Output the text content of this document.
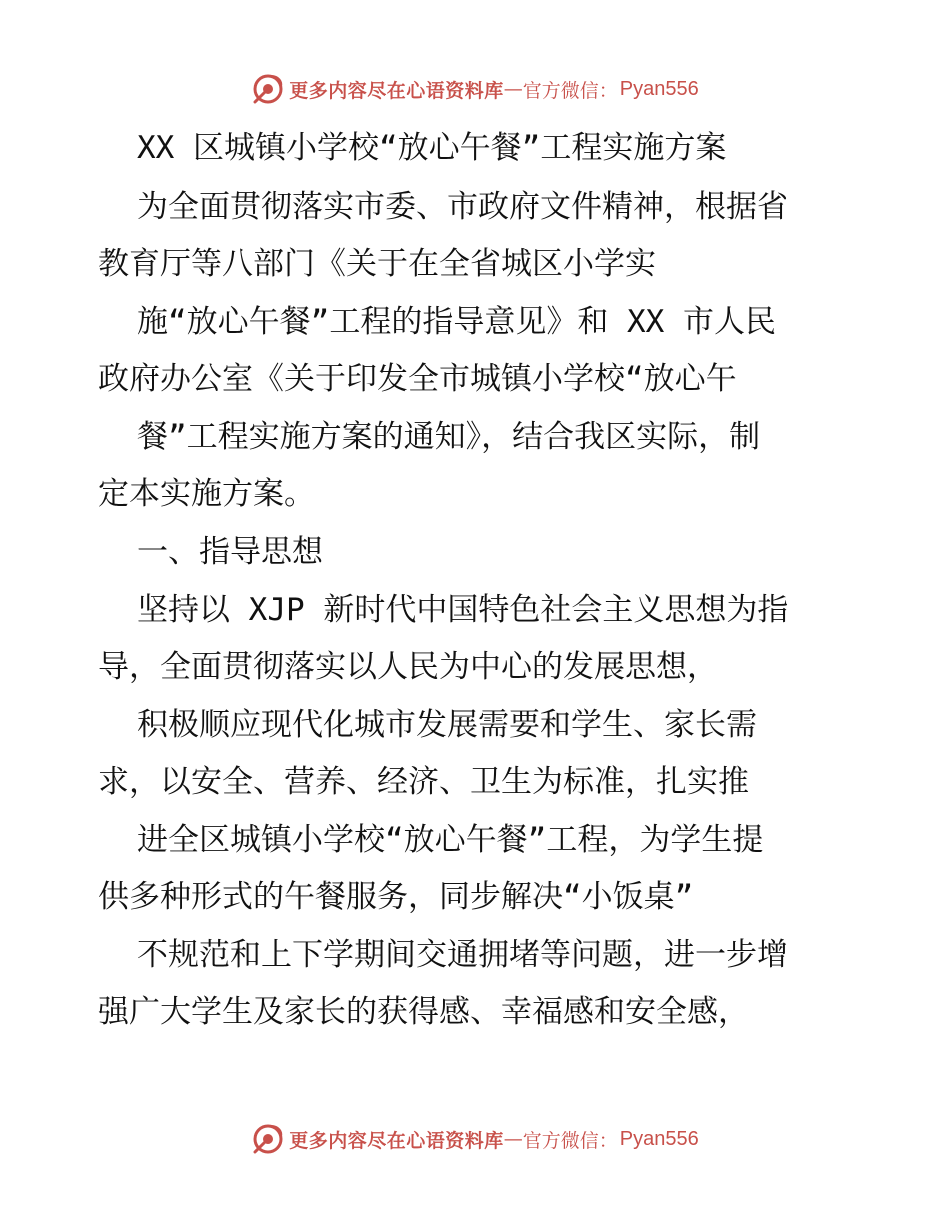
更多内容尽在心语资料库 — 官方微信： Pyan556

XX 区城镇小学校“放心午餐”工程实施方案

为全面贯彻落实市委、市政府文件精神，根据省

教育厅等八部门《关于在全省城区小学实

施“放心午餐”工程的指导意见》和 XX 市人民

政府办公室《关于印发全市城镇小学校“放心午

餐”工程实施方案的通知》，结合我区实际，制

定本实施方案。

一、指导思想

坚持以 XJP 新时代中国特色社会主义思想为指

导，全面贯彻落实以人民为中心的发展思想，

积极顺应现代化城市发展需要和学生、家长需

求，以安全、营养、经济、卫生为标准，扎实推

进全区城镇小学校“放心午餐”工程，为学生提

供多种形式的午餐服务，同步解决“小饭桌”

不规范和上下学期间交通拥堵等问题，进一步增

强广大学生及家长的获得感、幸福感和安全感，

更多内容尽在心语资料库 — 官方微信： Pyan556
